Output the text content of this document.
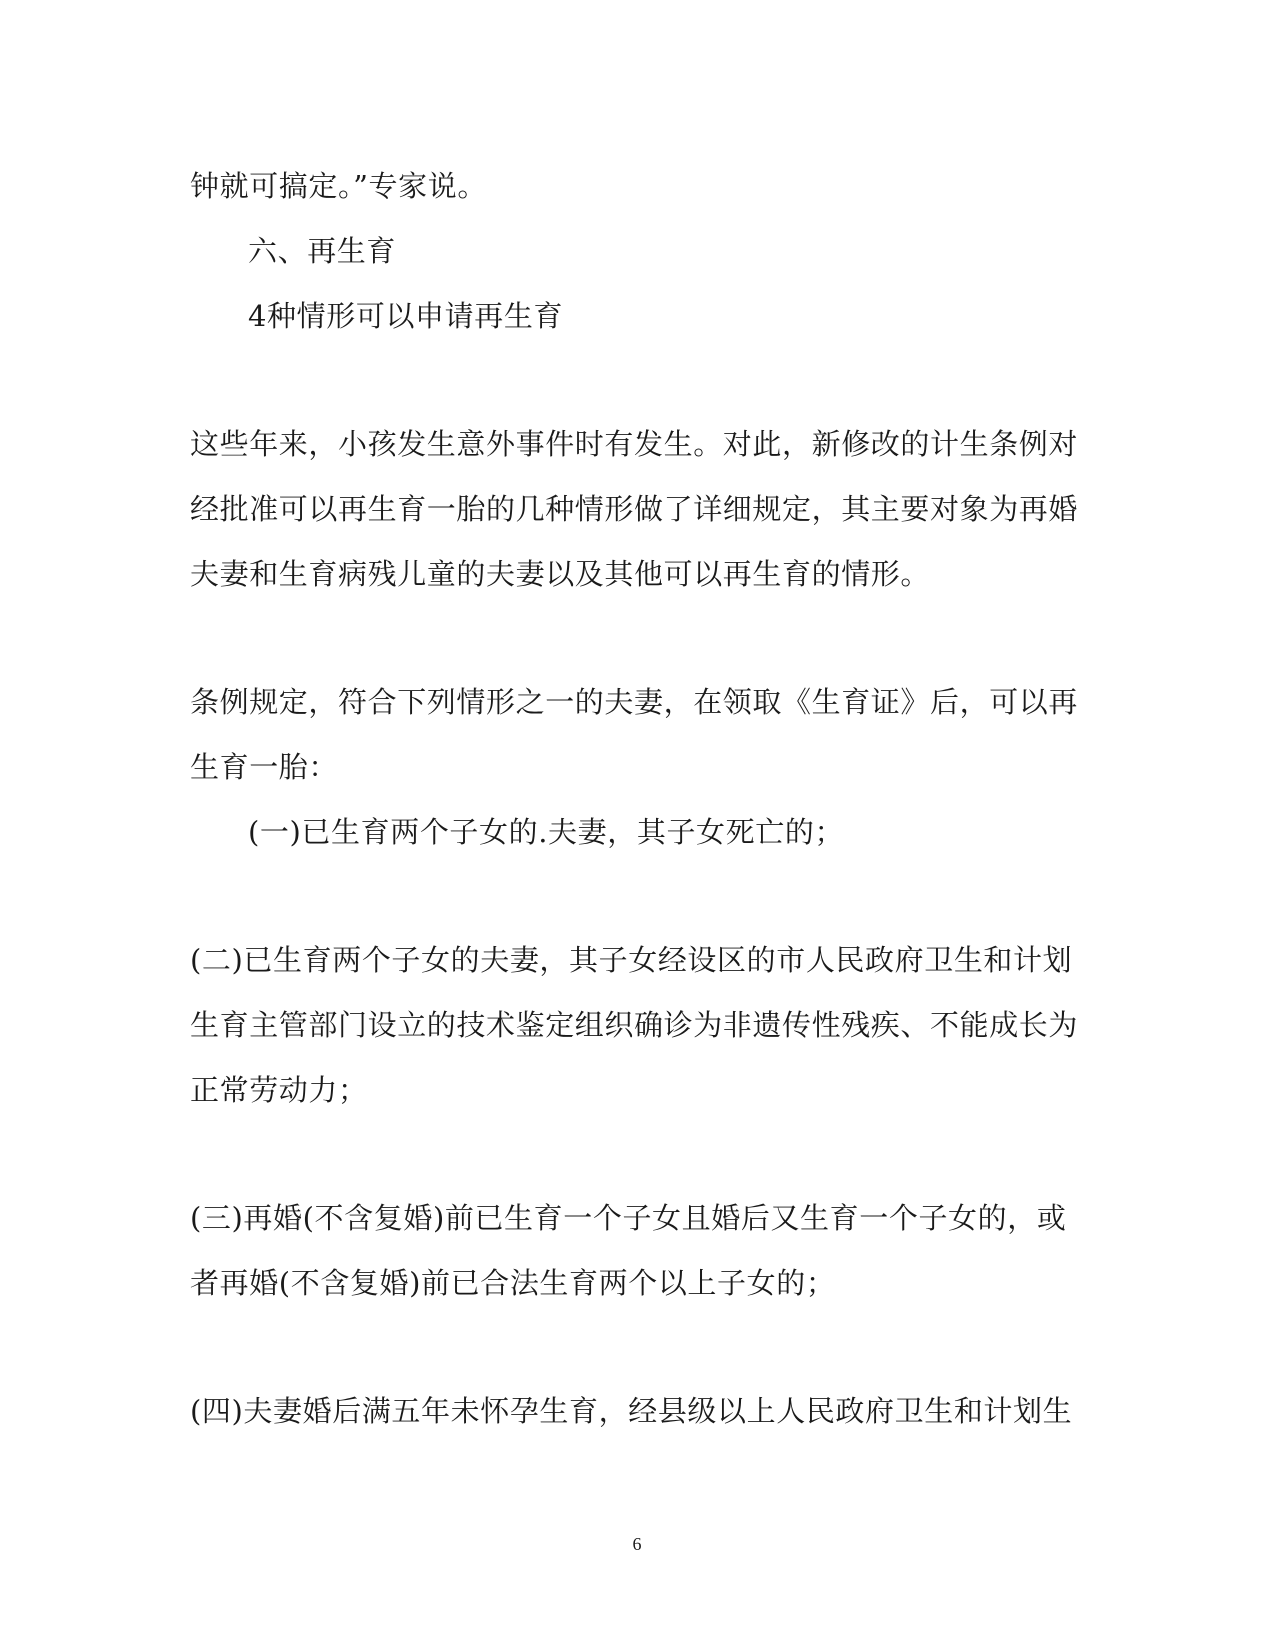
钟就可搞定。”专家说。
六、再生育
4种情形可以申请再生育
这些年来，小孩发生意外事件时有发生。对此，新修改的计生条例对
经批准可以再生育一胎的几种情形做了详细规定，其主要对象为再婚
夫妻和生育病残儿童的夫妻以及其他可以再生育的情形。
条例规定，符合下列情形之一的夫妻，在领取《生育证》后，可以再
生育一胎：
(一)已生育两个子女的.夫妻，其子女死亡的；
(二)已生育两个子女的夫妻，其子女经设区的市人民政府卫生和计划
生育主管部门设立的技术鉴定组织确诊为非遗传性残疾、不能成长为
正常劳动力；
(三)再婚(不含复婚)前已生育一个子女且婚后又生育一个子女的，或
者再婚(不含复婚)前已合法生育两个以上子女的；
(四)夫妻婚后满五年未怀孕生育，经县级以上人民政府卫生和计划生
6
